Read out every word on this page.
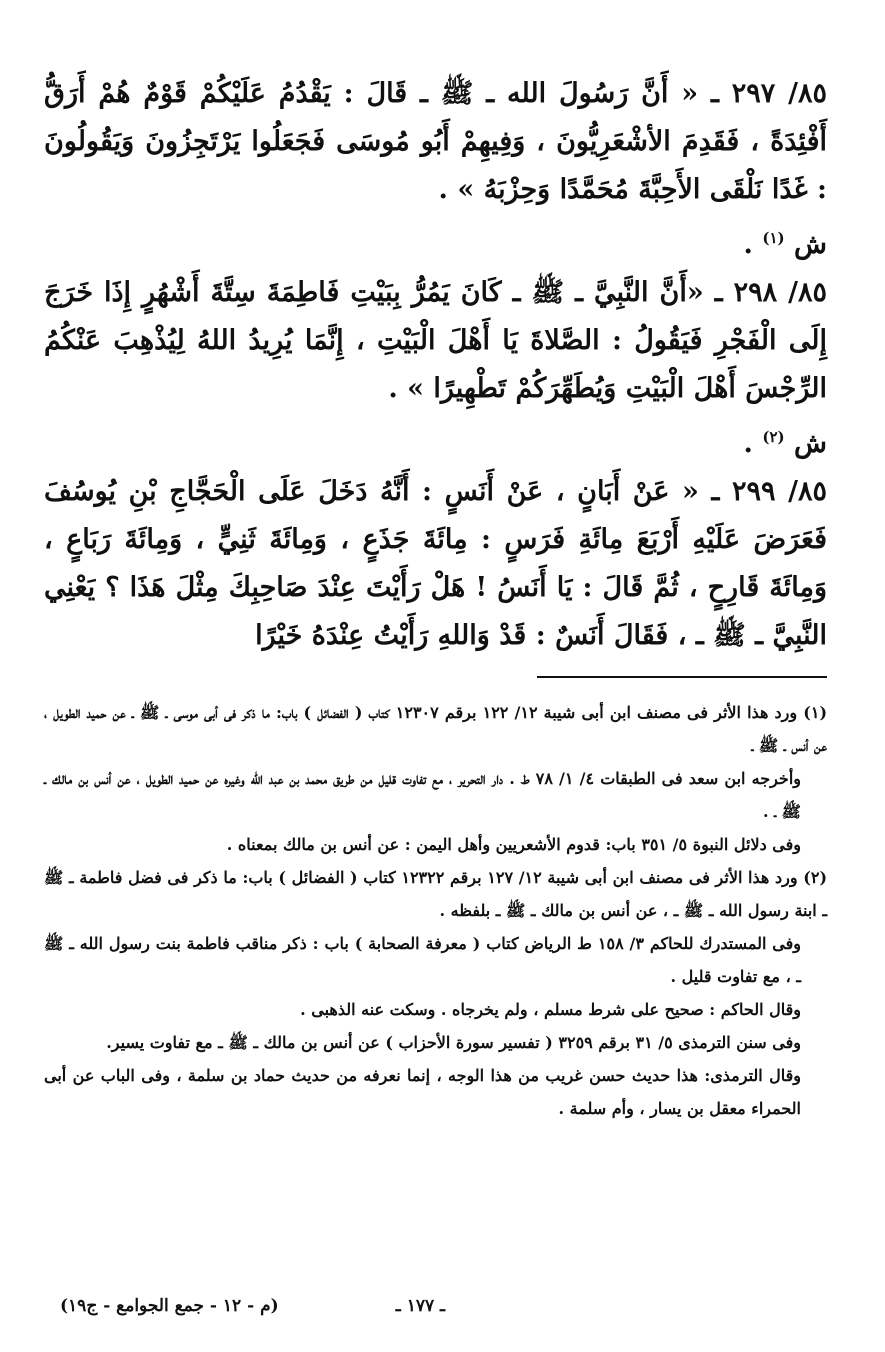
٨٥/ ٢٩٧ ـ « أَنَّ رَسُولَ الله ـ ﷺ ـ قَالَ : يَقْدُمُ عَلَيْكُمْ قَوْمٌ هُمْ أَرَقُّ أَفْئِدَةً ، فَقَدِمَ الأشْعَرِيُّونَ ، وَفِيهِمْ أَبُو مُوسَى فَجَعَلُوا يَرْتَجِزُونَ وَيَقُولُونَ : غَدًا نَلْقَى الأَحِبَّةَ مُحَمَّدًا وَحِزْبَهُ » .

ش $^{(١)}$ .

٨٥/ ٢٩٨ ـ «أَنَّ النَّبِيَّ ـ ﷺ ـ كَانَ يَمُرُّ بِبَيْتِ فَاطِمَةَ سِتَّةَ أَشْهُرٍ إِذَا خَرَجَ إِلَى الْفَجْرِ فَيَقُولُ : الصَّلاةَ يَا أَهْلَ الْبَيْتِ ، إِنَّمَا يُرِيدُ اللهُ لِيُذْهِبَ عَنْكُمُ الرِّجْسَ أَهْلَ الْبَيْتِ وَيُطَهِّرَكُمْ تَطْهِيرًا » .

ش $^{(٢)}$ .

٨٥/ ٢٩٩ ـ « عَنْ أَبَانٍ ، عَنْ أَنَسٍ : أَنَّهُ دَخَلَ عَلَى الْحَجَّاجِ بْنِ يُوسُفَ فَعَرَضَ عَلَيْهِ أَرْبَعَ مِائَةِ فَرَسٍ : مِائَةَ جَذَعٍ ، وَمِائَةَ ثَنِيٍّ ، وَمِائَةَ رَبَاعٍ ، وَمِائَةَ قَارِحٍ ، ثُمَّ قَالَ : يَا أَنَسُ ! هَلْ رَأَيْتَ عِنْدَ صَاحِبِكَ مِثْلَ هَذَا ؟ يَعْنِي النَّبِيَّ ـ ﷺ ـ ، فَقَالَ أَنَسٌ : قَدْ وَاللهِ رَأَيْتُ عِنْدَهُ خَيْرًا

(١) ورد هذا الأثر فى مصنف ابن أبى شيبة ١٢/ ١٢٢ برقم ١٢٣٠٧ كتاب ( الفضائل ) باب: ما ذكر فى أبى موسى ـ ﷺ ـ عن حميد الطويل ، عن أنس ـ ﷺ ـ

وأخرجه ابن سعد فى الطبقات ٤/ ١/ ٧٨ ط . دار التحرير ، مع تفاوت قليل من طريق محمد بن عبد الله وغيره عن حميد الطويل ، عن أنس بن مالك ـ ﷺ ـ .

وفى دلائل النبوة ٥/ ٣٥١ باب: قدوم الأشعريين وأهل اليمن : عن أنس بن مالك بمعناه .

(٢) ورد هذا الأثر فى مصنف ابن أبى شيبة ١٢/ ١٢٧ برقم ١٢٣٢٢ كتاب ( الفضائل ) باب: ما ذكر فى فضل فاطمة ـ ﷺ ـ ابنة رسول الله ـ ﷺ ـ ، عن أنس بن مالك ـ ﷺ ـ بلفظه .

وفى المستدرك للحاكم ٣/ ١٥٨ ط الرياض كتاب ( معرفة الصحابة ) باب : ذكر مناقب فاطمة بنت رسول الله ـ ﷺ ـ ، مع تفاوت قليل .

وقال الحاكم : صحيح على شرط مسلم ، ولم يخرجاه . وسكت عنه الذهبى .

وفى سنن الترمذى ٥/ ٣١ برقم ٣٢٥٩ ( تفسير سورة الأحزاب ) عن أنس بن مالك ـ ﷺ ـ مع تفاوت يسير.

وقال الترمذى: هذا حديث حسن غريب من هذا الوجه ، إنما نعرفه من حديث حماد بن سلمة ، وفى الباب عن أبى الحمراء معقل بن يسار ، وأم سلمة .

ـ ١٧٧ ـ
(م - ١٢ - جمع الجوامع - ج١٩)
